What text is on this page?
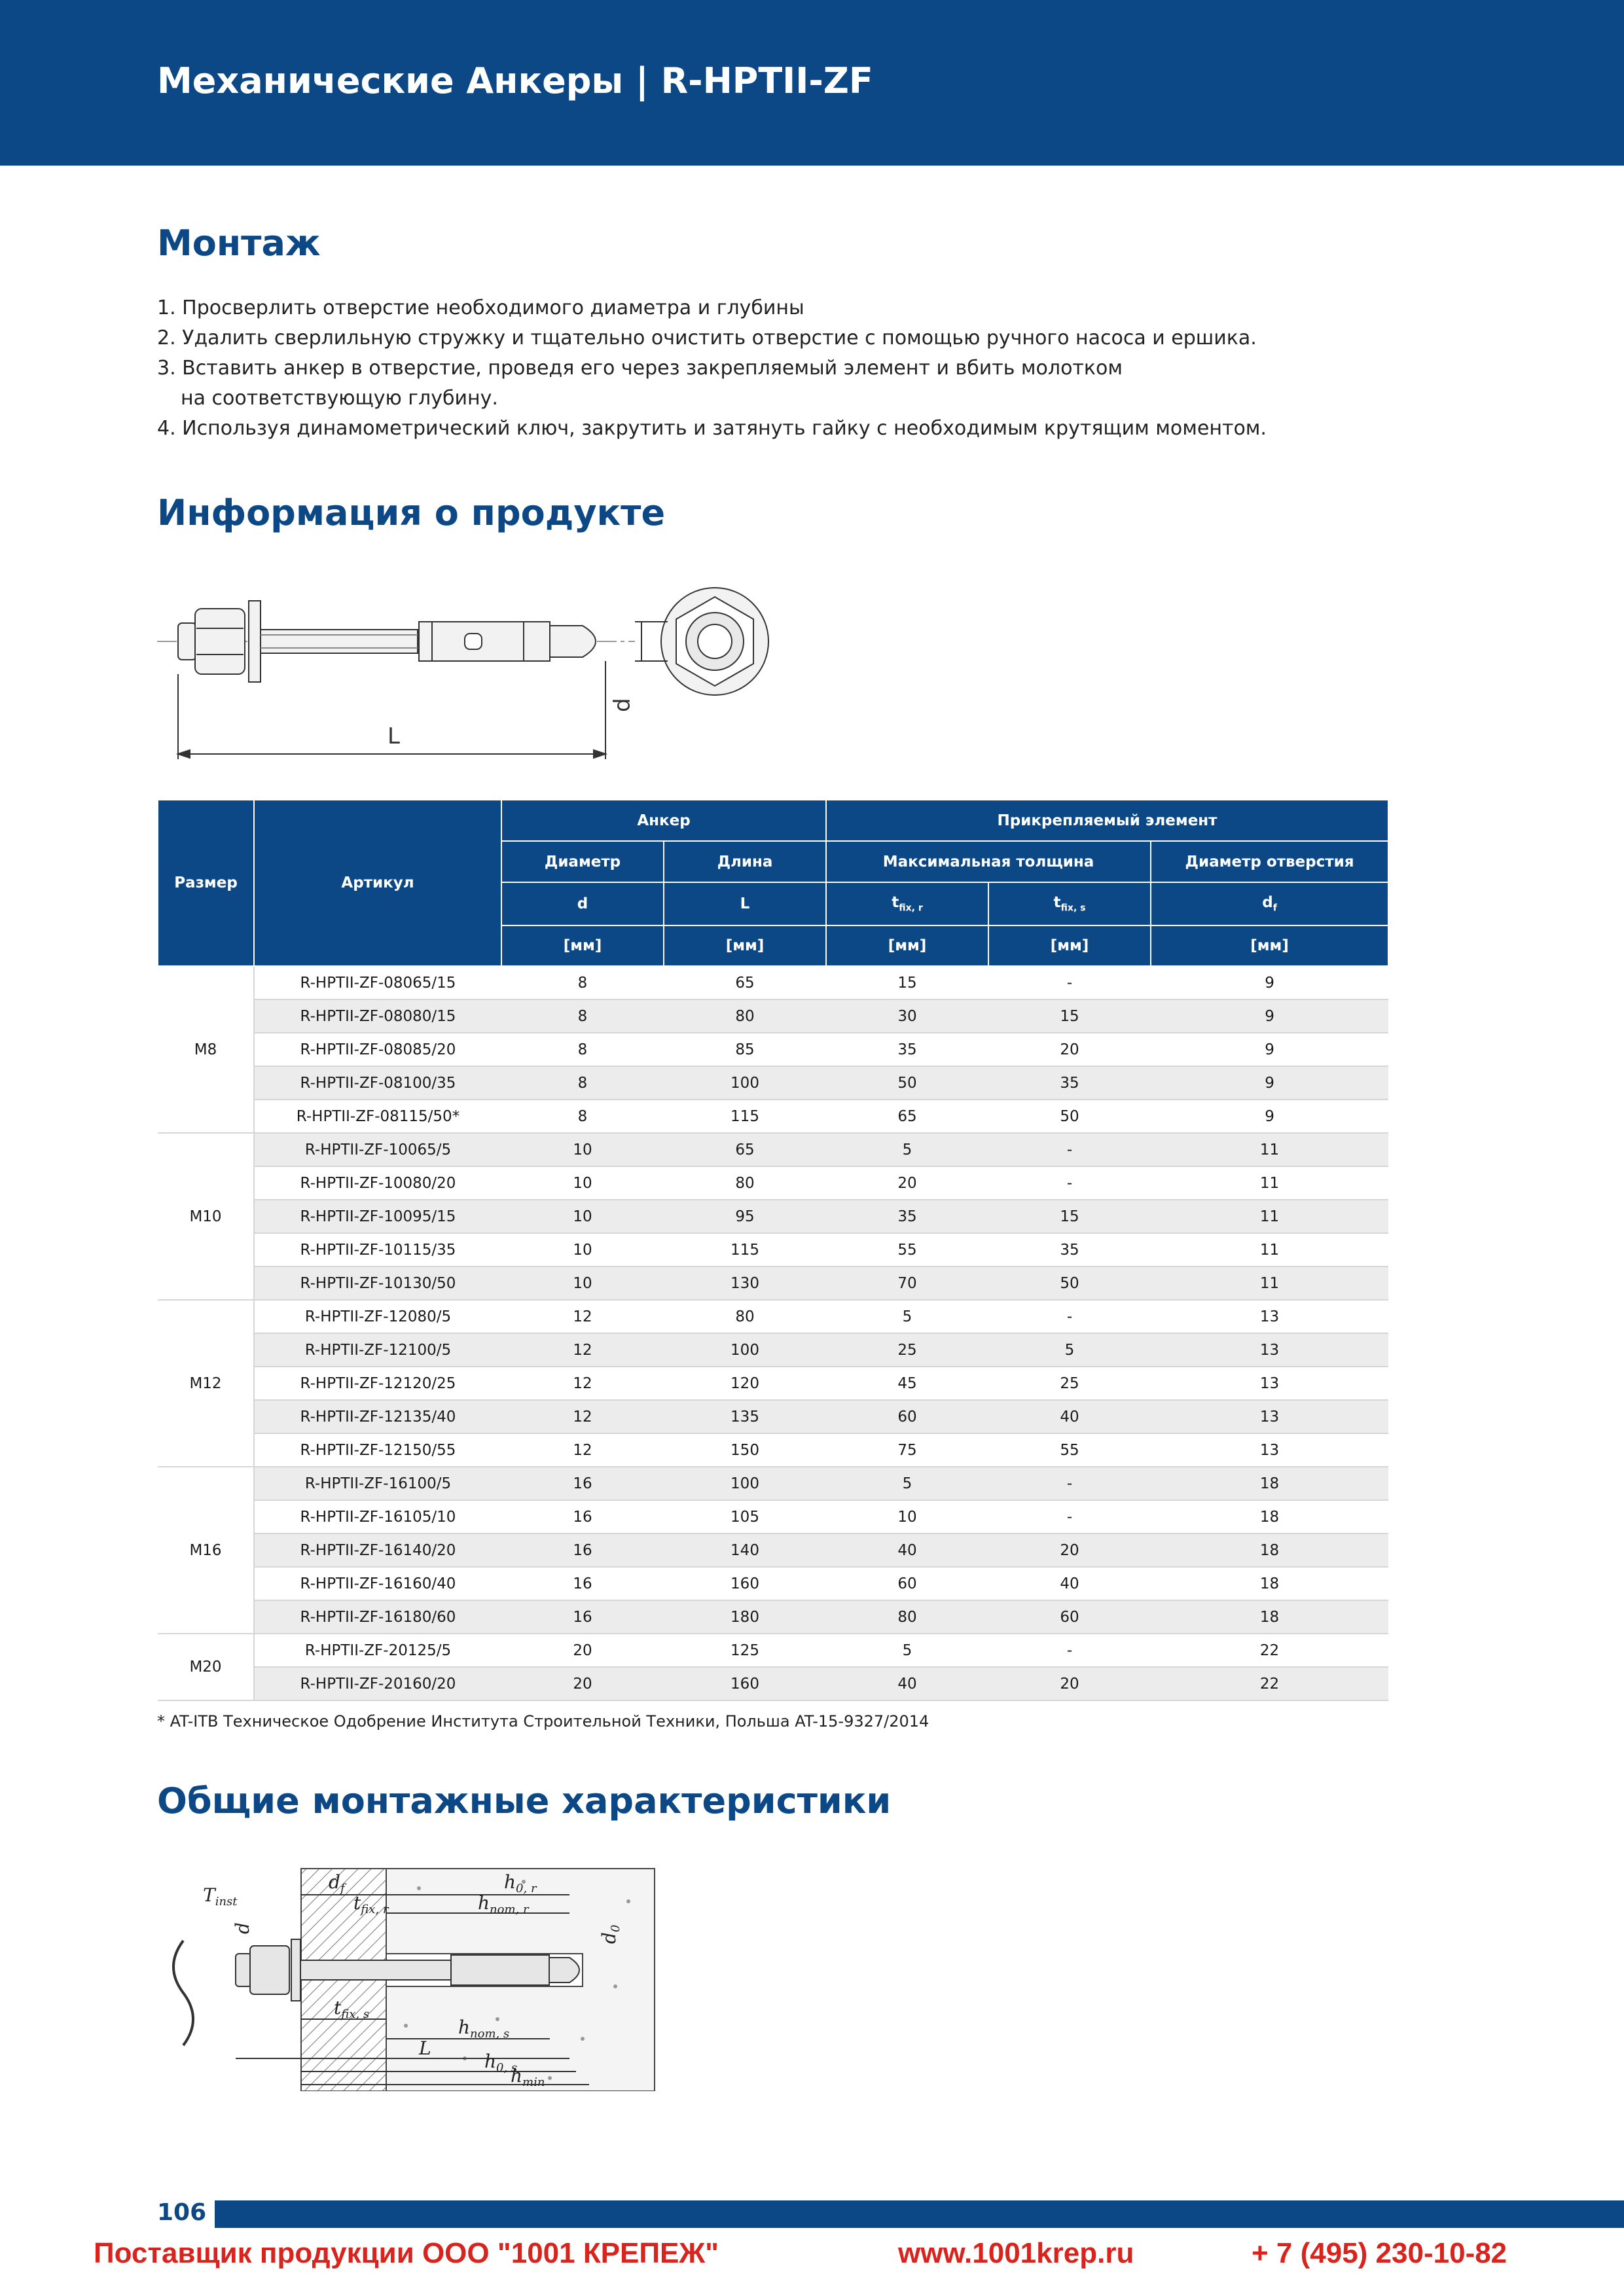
Механические Анкеры | R-HPTII-ZF
Монтаж

1. Просверлить отверстие необходимого диаметра и глубины

2. Удалить сверлильную стружку и тщательно очистить отверстие с помощью ручного насоса и ершика.

3. Вставить анкер в отверстие, проведя его через закрепляемый элемент и вбить молотком
на соответствующую глубину.

4. Используя динамометрический ключ, закрутить и затянуть гайку с необходимым крутящим моментом.

Информация о продукте
L
d
Размер	Артикул	Анкер		Прикрепляемый элемент		
		Диаметр	Длина	Максимальная толщина		Диаметр отверстия
		d	L	$t_{fix, r}$	$t_{fix, s}$	$d_f$
		[мм]	[мм]	[мм]	[мм]	[мм]
M8	R-HPTII-ZF-08065/15	8	65	15	-	9
	R-HPTII-ZF-08080/15	8	80	30	15	9
	R-HPTII-ZF-08085/20	8	85	35	20	9
	R-HPTII-ZF-08100/35	8	100	50	35	9
	R-HPTII-ZF-08115/50*	8	115	65	50	9
M10	R-HPTII-ZF-10065/5	10	65	5	-	11
	R-HPTII-ZF-10080/20	10	80	20	-	11
	R-HPTII-ZF-10095/15	10	95	35	15	11
	R-HPTII-ZF-10115/35	10	115	55	35	11
	R-HPTII-ZF-10130/50	10	130	70	50	11
M12	R-HPTII-ZF-12080/5	12	80	5	-	13
	R-HPTII-ZF-12100/5	12	100	25	5	13
	R-HPTII-ZF-12120/25	12	120	45	25	13
	R-HPTII-ZF-12135/40	12	135	60	40	13
	R-HPTII-ZF-12150/55	12	150	75	55	13
M16	R-HPTII-ZF-16100/5	16	100	5	-	18
	R-HPTII-ZF-16105/10	16	105	10	-	18
	R-HPTII-ZF-16140/20	16	140	40	20	18
	R-HPTII-ZF-16160/40	16	160	60	40	18
	R-HPTII-ZF-16180/60	16	180	80	60	18
M20	R-HPTII-ZF-20125/5	20	125	5	-	22
	R-HPTII-ZF-20160/20	20	160	40	20	22
* AT-ITB Техническое Одобрение Института Строительной Техники, Польша AT-15-9327/2014
Общие монтажные характеристики
$T_{inst}$
d
$d_f$
$t_{fix, r}$
$h_{0, r}$
$h_{nom, r}$
$d_0$
$t_{fix, s}$
$h_{nom, s}$
L
$h_{0, s}$
$h_{min}$
106
Поставщик продукции ООО "1001 КРЕПЕЖ"	www.1001krep.ru	+ 7 (495) 230-10-82
